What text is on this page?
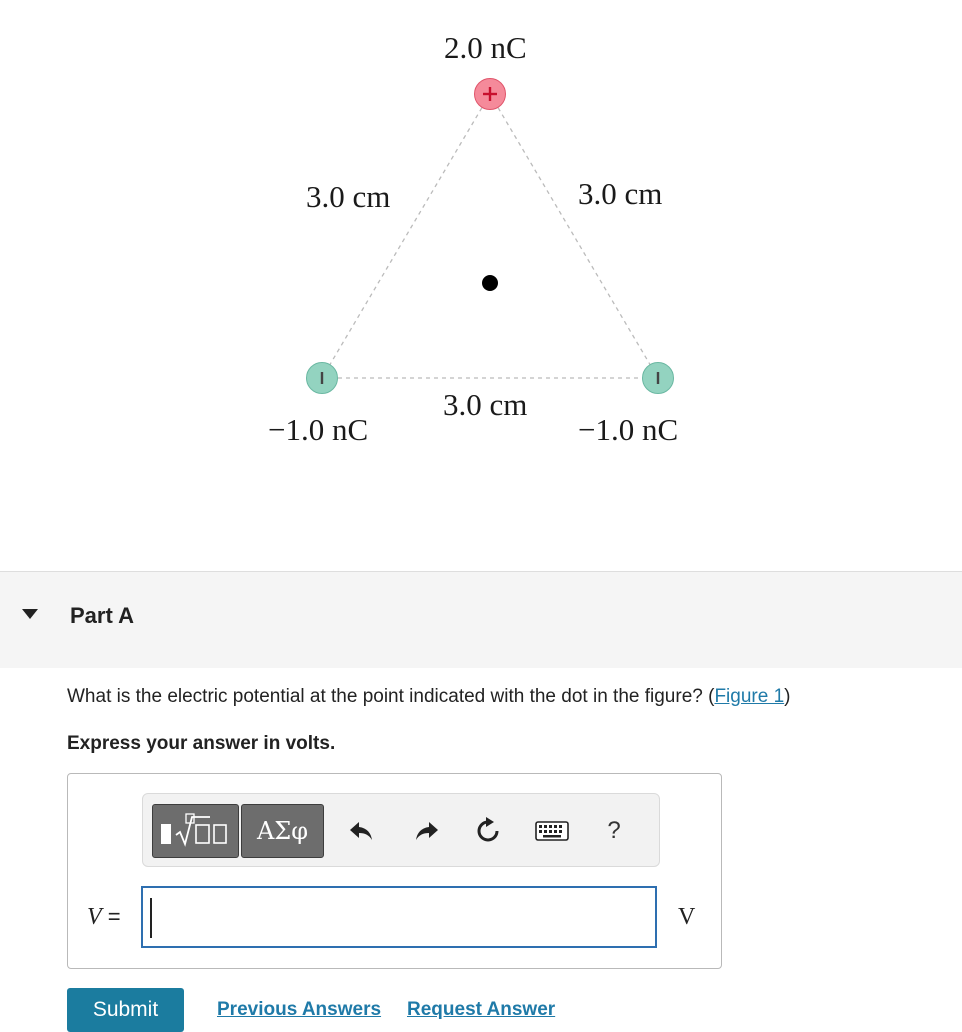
2.0 nC
3.0 cm	3.0 cm
3.0 cm
−1.0 nC	−1.0 nC
Part A
What is the electric potential at the point indicated with the dot in the figure? (Figure 1)
Express your answer in volts.
ΑΣφ	?
V =	V
Submit	Previous Answers Request Answer
